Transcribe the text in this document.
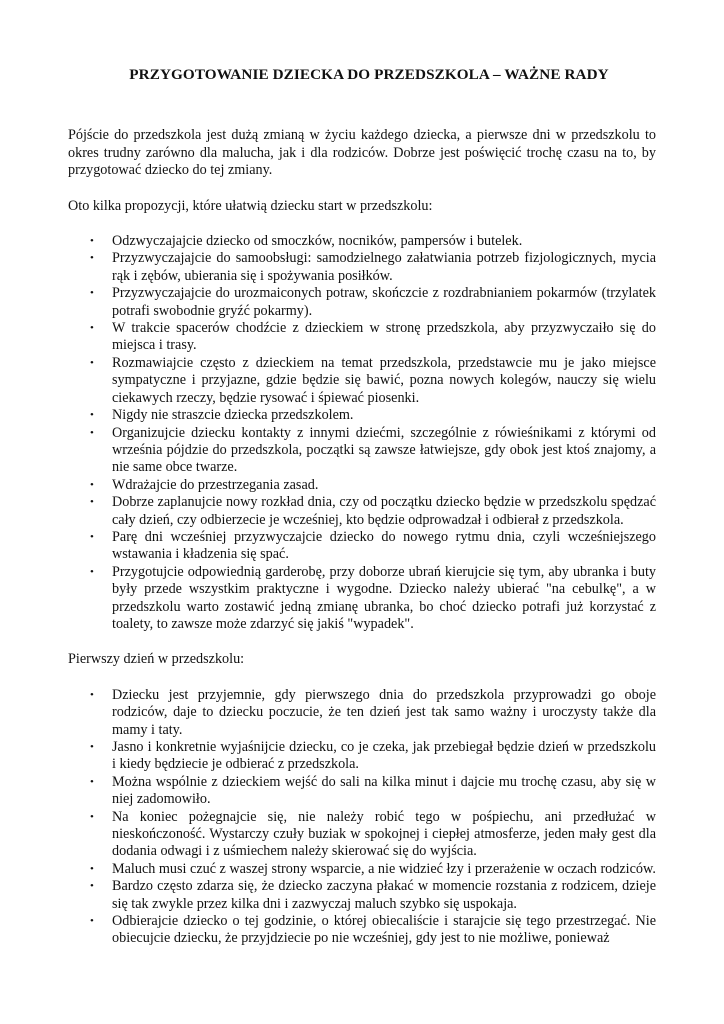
PRZYGOTOWANIE DZIECKA DO PRZEDSZKOLA – WAŻNE RADY

Pójście do przedszkola jest dużą zmianą w życiu każdego dziecka, a pierwsze dni w przedszkolu to okres trudny zarówno dla malucha, jak i dla rodziców. Dobrze jest poświęcić trochę czasu na to, by przygotować dziecko do tej zmiany.

Oto kilka propozycji, które ułatwią dziecku start w przedszkolu:

• Odzwyczajajcie dziecko od smoczków, nocników, pampersów i butelek.
• Przyzwyczajajcie do samoobsługi: samodzielnego załatwiania potrzeb fizjologicznych, mycia rąk i zębów, ubierania się i spożywania posiłków.
• Przyzwyczajajcie do urozmaiconych potraw, skończcie z rozdrabnianiem pokarmów (trzylatek potrafi swobodnie gryźć pokarmy).
• W trakcie spacerów chodźcie z dzieckiem w stronę przedszkola, aby przyzwyczaiło się do miejsca i trasy.
• Rozmawiajcie często z dzieckiem na temat przedszkola, przedstawcie mu je jako miejsce sympatyczne i przyjazne, gdzie będzie się bawić, pozna nowych kolegów, nauczy się wielu ciekawych rzeczy, będzie rysować i śpiewać piosenki.
• Nigdy nie straszcie dziecka przedszkolem.
• Organizujcie dziecku kontakty z innymi dziećmi, szczególnie z rówieśnikami z którymi od września pójdzie do przedszkola, początki są zawsze łatwiejsze, gdy obok jest ktoś znajomy, a nie same obce twarze.
• Wdrażajcie do przestrzegania zasad.
• Dobrze zaplanujcie nowy rozkład dnia, czy od początku dziecko będzie w przedszkolu spędzać cały dzień, czy odbierzecie je wcześniej, kto będzie odprowadzał i odbierał z przedszkola.
• Parę dni wcześniej przyzwyczajcie dziecko do nowego rytmu dnia, czyli wcześniejszego wstawania i kładzenia się spać.
• Przygotujcie odpowiednią garderobę, przy doborze ubrań kierujcie się tym, aby ubranka i buty były przede wszystkim praktyczne i wygodne. Dziecko należy ubierać "na cebulkę", a w przedszkolu warto zostawić jedną zmianę ubranka, bo choć dziecko potrafi już korzystać z toalety, to zawsze może zdarzyć się jakiś "wypadek".

Pierwszy dzień w przedszkolu:

• Dziecku jest przyjemnie, gdy pierwszego dnia do przedszkola przyprowadzi go oboje rodziców, daje to dziecku poczucie, że ten dzień jest tak samo ważny i uroczysty także dla mamy i taty.
• Jasno i konkretnie wyjaśnijcie dziecku, co je czeka, jak przebiegał będzie dzień w przedszkolu i kiedy będziecie je odbierać z przedszkola.
• Można wspólnie z dzieckiem wejść do sali na kilka minut i dajcie mu trochę czasu, aby się w niej zadomowiło.
• Na koniec pożegnajcie się, nie należy robić tego w pośpiechu, ani przedłużać w nieskończoność. Wystarczy czuły buziak w spokojnej i ciepłej atmosferze, jeden mały gest dla dodania odwagi i z uśmiechem należy skierować się do wyjścia.
• Maluch musi czuć z waszej strony wsparcie, a nie widzieć łzy i przerażenie w oczach rodziców.
• Bardzo często zdarza się, że dziecko zaczyna płakać w momencie rozstania z rodzicem, dzieje się tak zwykle przez kilka dni i zazwyczaj maluch szybko się uspokaja.
• Odbierajcie dziecko o tej godzinie, o której obiecaliście i starajcie się tego przestrzegać. Nie obiecujcie dziecku, że przyjdziecie po nie wcześniej, gdy jest to nie możliwe, ponieważ
